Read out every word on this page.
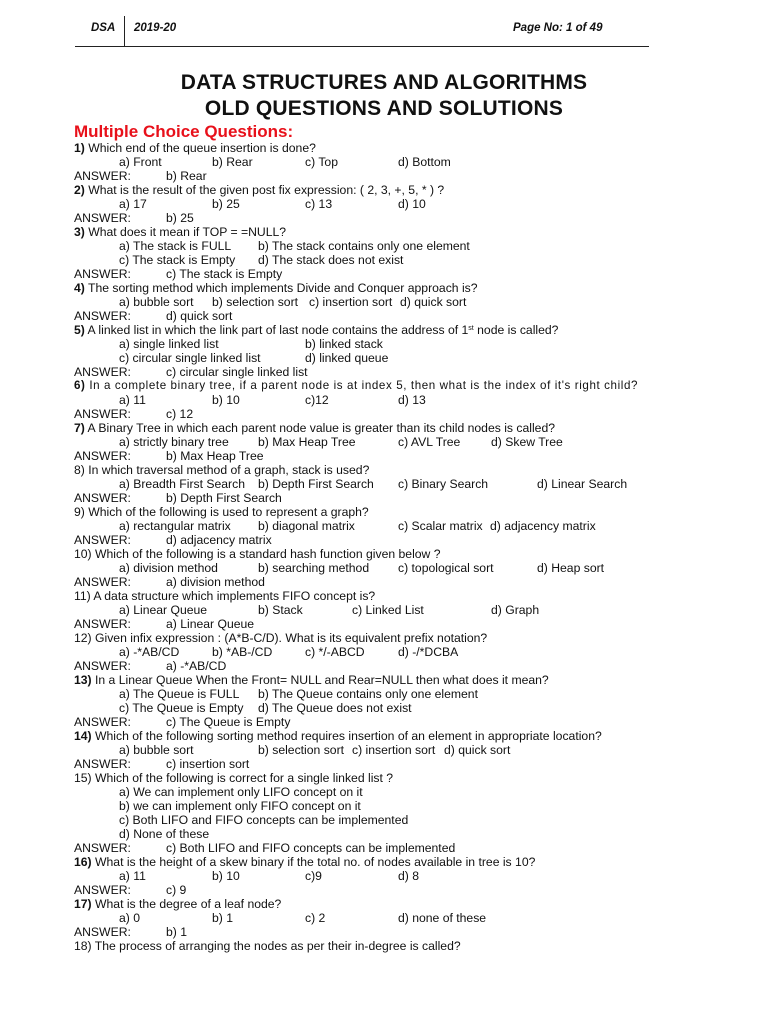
DSA 2019-20	Page No: 1 of 49
DATA STRUCTURES AND ALGORITHMS
OLD QUESTIONS AND SOLUTIONS
Multiple Choice Questions:
1) Which end of the queue insertion is done?
a) Front	b) Rear	c) Top	d) Bottom
ANSWER:	b) Rear
2) What is the result of the given post fix expression: ( 2, 3, +, 5, * ) ?
a) 17	b) 25	c) 13	d) 10
ANSWER:	b) 25
3) What does it mean if TOP = =NULL?
a) The stack is FULL b) The stack contains only one element
c) The stack is Empty d) The stack does not exist
ANSWER:	c) The stack is Empty
4) The sorting method which implements Divide and Conquer approach is?
a) bubble sort b) selection sort c) insertion sort d) quick sort
ANSWER:	d) quick sort
5) A linked list in which the link part of last node contains the address of 1st node is called?
a) single linked list	b) linked stack
c) circular single linked list	d) linked queue
ANSWER:	c) circular single linked list
6) In a complete binary tree, if a parent node is at index 5, then what is the index of it's right child?
a) 11	b) 10	c)12	d) 13
ANSWER:	c) 12
7) A Binary Tree in which each parent node value is greater than its child nodes is called?
a) strictly binary tree b) Max Heap Tree	c) AVL Tree	d) Skew Tree
ANSWER:	b) Max Heap Tree
8) In which traversal method of a graph, stack is used?
a) Breadth First Search b) Depth First Search c) Binary Search	d) Linear Search
ANSWER:	b) Depth First Search
9) Which of the following is used to represent a graph?
a) rectangular matrix b) diagonal matrix	c) Scalar matrix d) adjacency matrix
ANSWER:	d) adjacency matrix
10) Which of the following is a standard hash function given below ?
a) division method	b) searching method c) topological sort	d) Heap sort
ANSWER:	a) division method
11) A data structure which implements FIFO concept is?
a) Linear Queue	b) Stack	c) Linked List	d) Graph
ANSWER:	a) Linear Queue
12) Given infix expression : (A*B-C/D). What is its equivalent prefix notation?
a) -*AB/CD	b) *AB-/CD	c) */-ABCD	d) -/*DCBA
ANSWER:	a) -*AB/CD
13) In a Linear Queue When the Front= NULL and Rear=NULL then what does it mean?
a) The Queue is FULL b) The Queue contains only one element
c) The Queue is Empty d) The Queue does not exist
ANSWER:	c) The Queue is Empty
14) Which of the following sorting method requires insertion of an element in appropriate location?
a) bubble sort	b) selection sort c) insertion sort d) quick sort
ANSWER:	c) insertion sort
15) Which of the following is correct for a single linked list ?
a) We can implement only LIFO concept on it
b) we can implement only FIFO concept on it
c) Both LIFO and FIFO concepts can be implemented
d) None of these
ANSWER:	c) Both LIFO and FIFO concepts can be implemented
16) What is the height of a skew binary if the total no. of nodes available in tree is 10?
a) 11	b) 10	c)9	d) 8
ANSWER:	c) 9
17) What is the degree of a leaf node?
a) 0	b) 1	c) 2	d) none of these
ANSWER:	b) 1
18) The process of arranging the nodes as per their in-degree is called?
